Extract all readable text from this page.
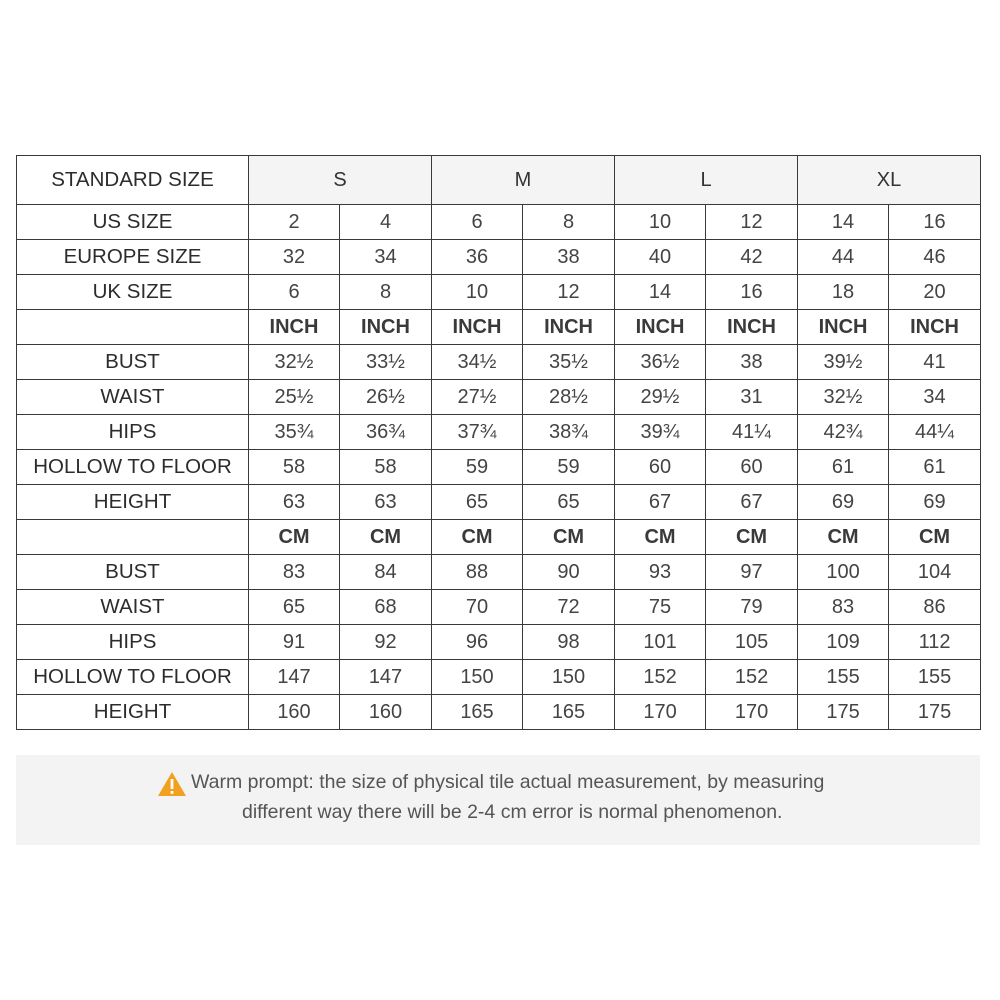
STANDARD SIZE	S		M		L		XL	
US SIZE	2	4	6	8	10	12	14	16
EUROPE SIZE	32	34	36	38	40	42	44	46
UK SIZE	6	8	10	12	14	16	18	20
	INCH	INCH	INCH	INCH	INCH	INCH	INCH	INCH
BUST	32½	33½	34½	35½	36½	38	39½	41
WAIST	25½	26½	27½	28½	29½	31	32½	34
HIPS	35¾	36¾	37¾	38¾	39¾	41¼	42¾	44¼
HOLLOW TO FLOOR	58	58	59	59	60	60	61	61
HEIGHT	63	63	65	65	67	67	69	69
	CM	CM	CM	CM	CM	CM	CM	CM
BUST	83	84	88	90	93	97	100	104
WAIST	65	68	70	72	75	79	83	86
HIPS	91	92	96	98	101	105	109	112
HOLLOW TO FLOOR	147	147	150	150	152	152	155	155
HEIGHT	160	160	165	165	170	170	175	175
Warm prompt: the size of physical tile actual measurement, by measuring
different way there will be 2-4 cm error is normal phenomenon.
